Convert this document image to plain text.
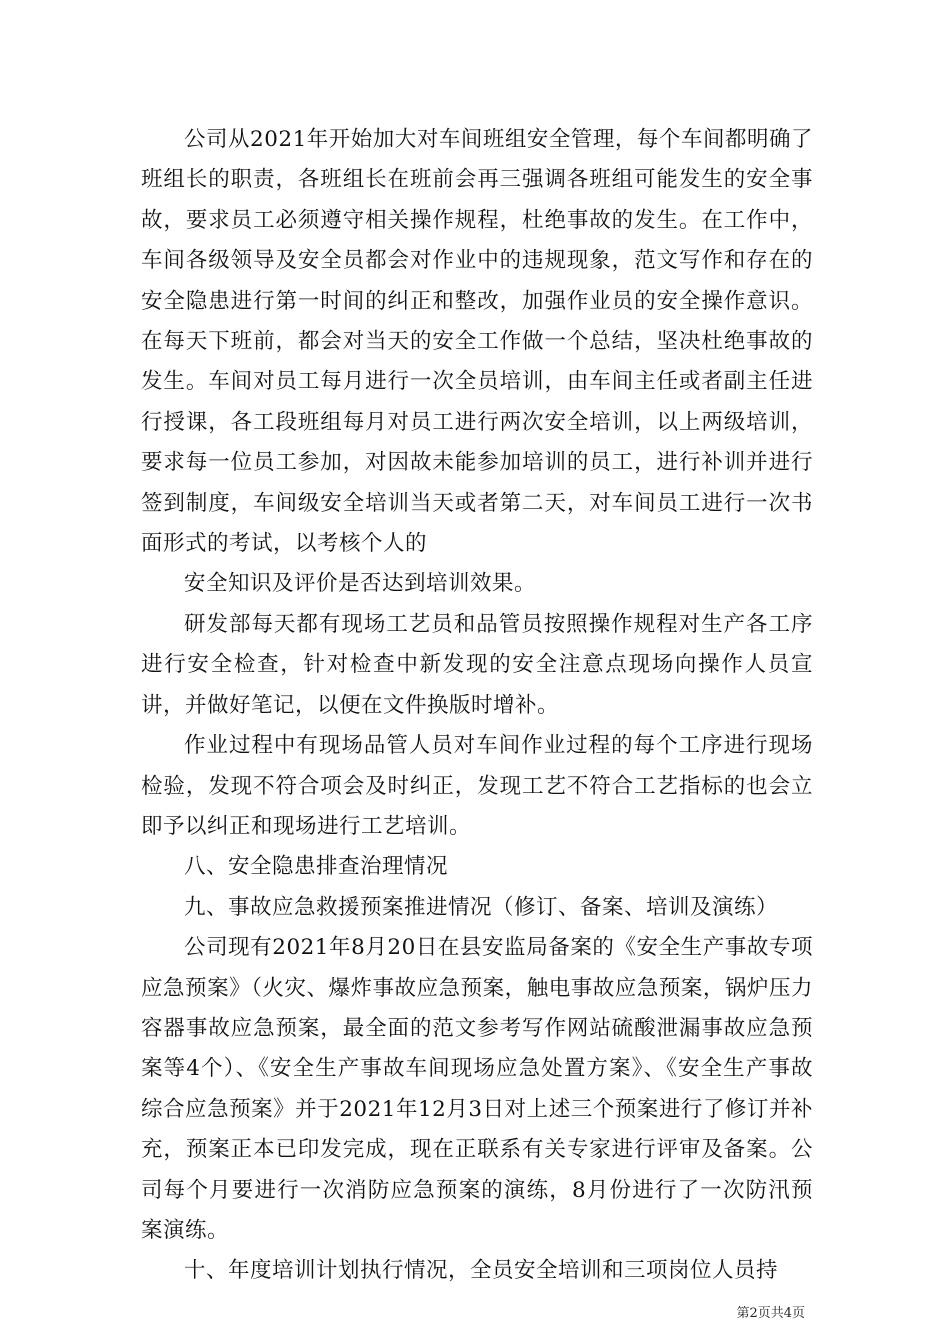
公司从2021年开始加大对车间班组安全管理，每个车间都明确了班组长的职责，各班组长在班前会再三强调各班组可能发生的安全事故，要求员工必须遵守相关操作规程，杜绝事故的发生。在工作中，车间各级领导及安全员都会对作业中的违规现象，范文写作和存在的安全隐患进行第一时间的纠正和整改，加强作业员的安全操作意识。在每天下班前，都会对当天的安全工作做一个总结，坚决杜绝事故的发生。车间对员工每月进行一次全员培训，由车间主任或者副主任进行授课，各工段班组每月对员工进行两次安全培训，以上两级培训，要求每一位员工参加，对因故未能参加培训的员工，进行补训并进行签到制度，车间级安全培训当天或者第二天，对车间员工进行一次书面形式的考试，以考核个人的

安全知识及评价是否达到培训效果。

研发部每天都有现场工艺员和品管员按照操作规程对生产各工序进行安全检查，针对检查中新发现的安全注意点现场向操作人员宣讲，并做好笔记，以便在文件换版时增补。

作业过程中有现场品管人员对车间作业过程的每个工序进行现场检验，发现不符合项会及时纠正，发现工艺不符合工艺指标的也会立即予以纠正和现场进行工艺培训。

八、安全隐患排查治理情况

九、事故应急救援预案推进情况（修订、备案、培训及演练）

公司现有2021年8月20日在县安监局备案的《安全生产事故专项应急预案》（火灾、爆炸事故应急预案，触电事故应急预案，锅炉压力容器事故应急预案，最全面的范文参考写作网站硫酸泄漏事故应急预案等4个）、《安全生产事故车间现场应急处置方案》、《安全生产事故综合应急预案》并于2021年12月3日对上述三个预案进行了修订并补充，预案正本已印发完成，现在正联系有关专家进行评审及备案。公司每个月要进行一次消防应急预案的演练，8月份进行了一次防汛预案演练。

十、年度培训计划执行情况，全员安全培训和三项岗位人员持

第2页共4页
